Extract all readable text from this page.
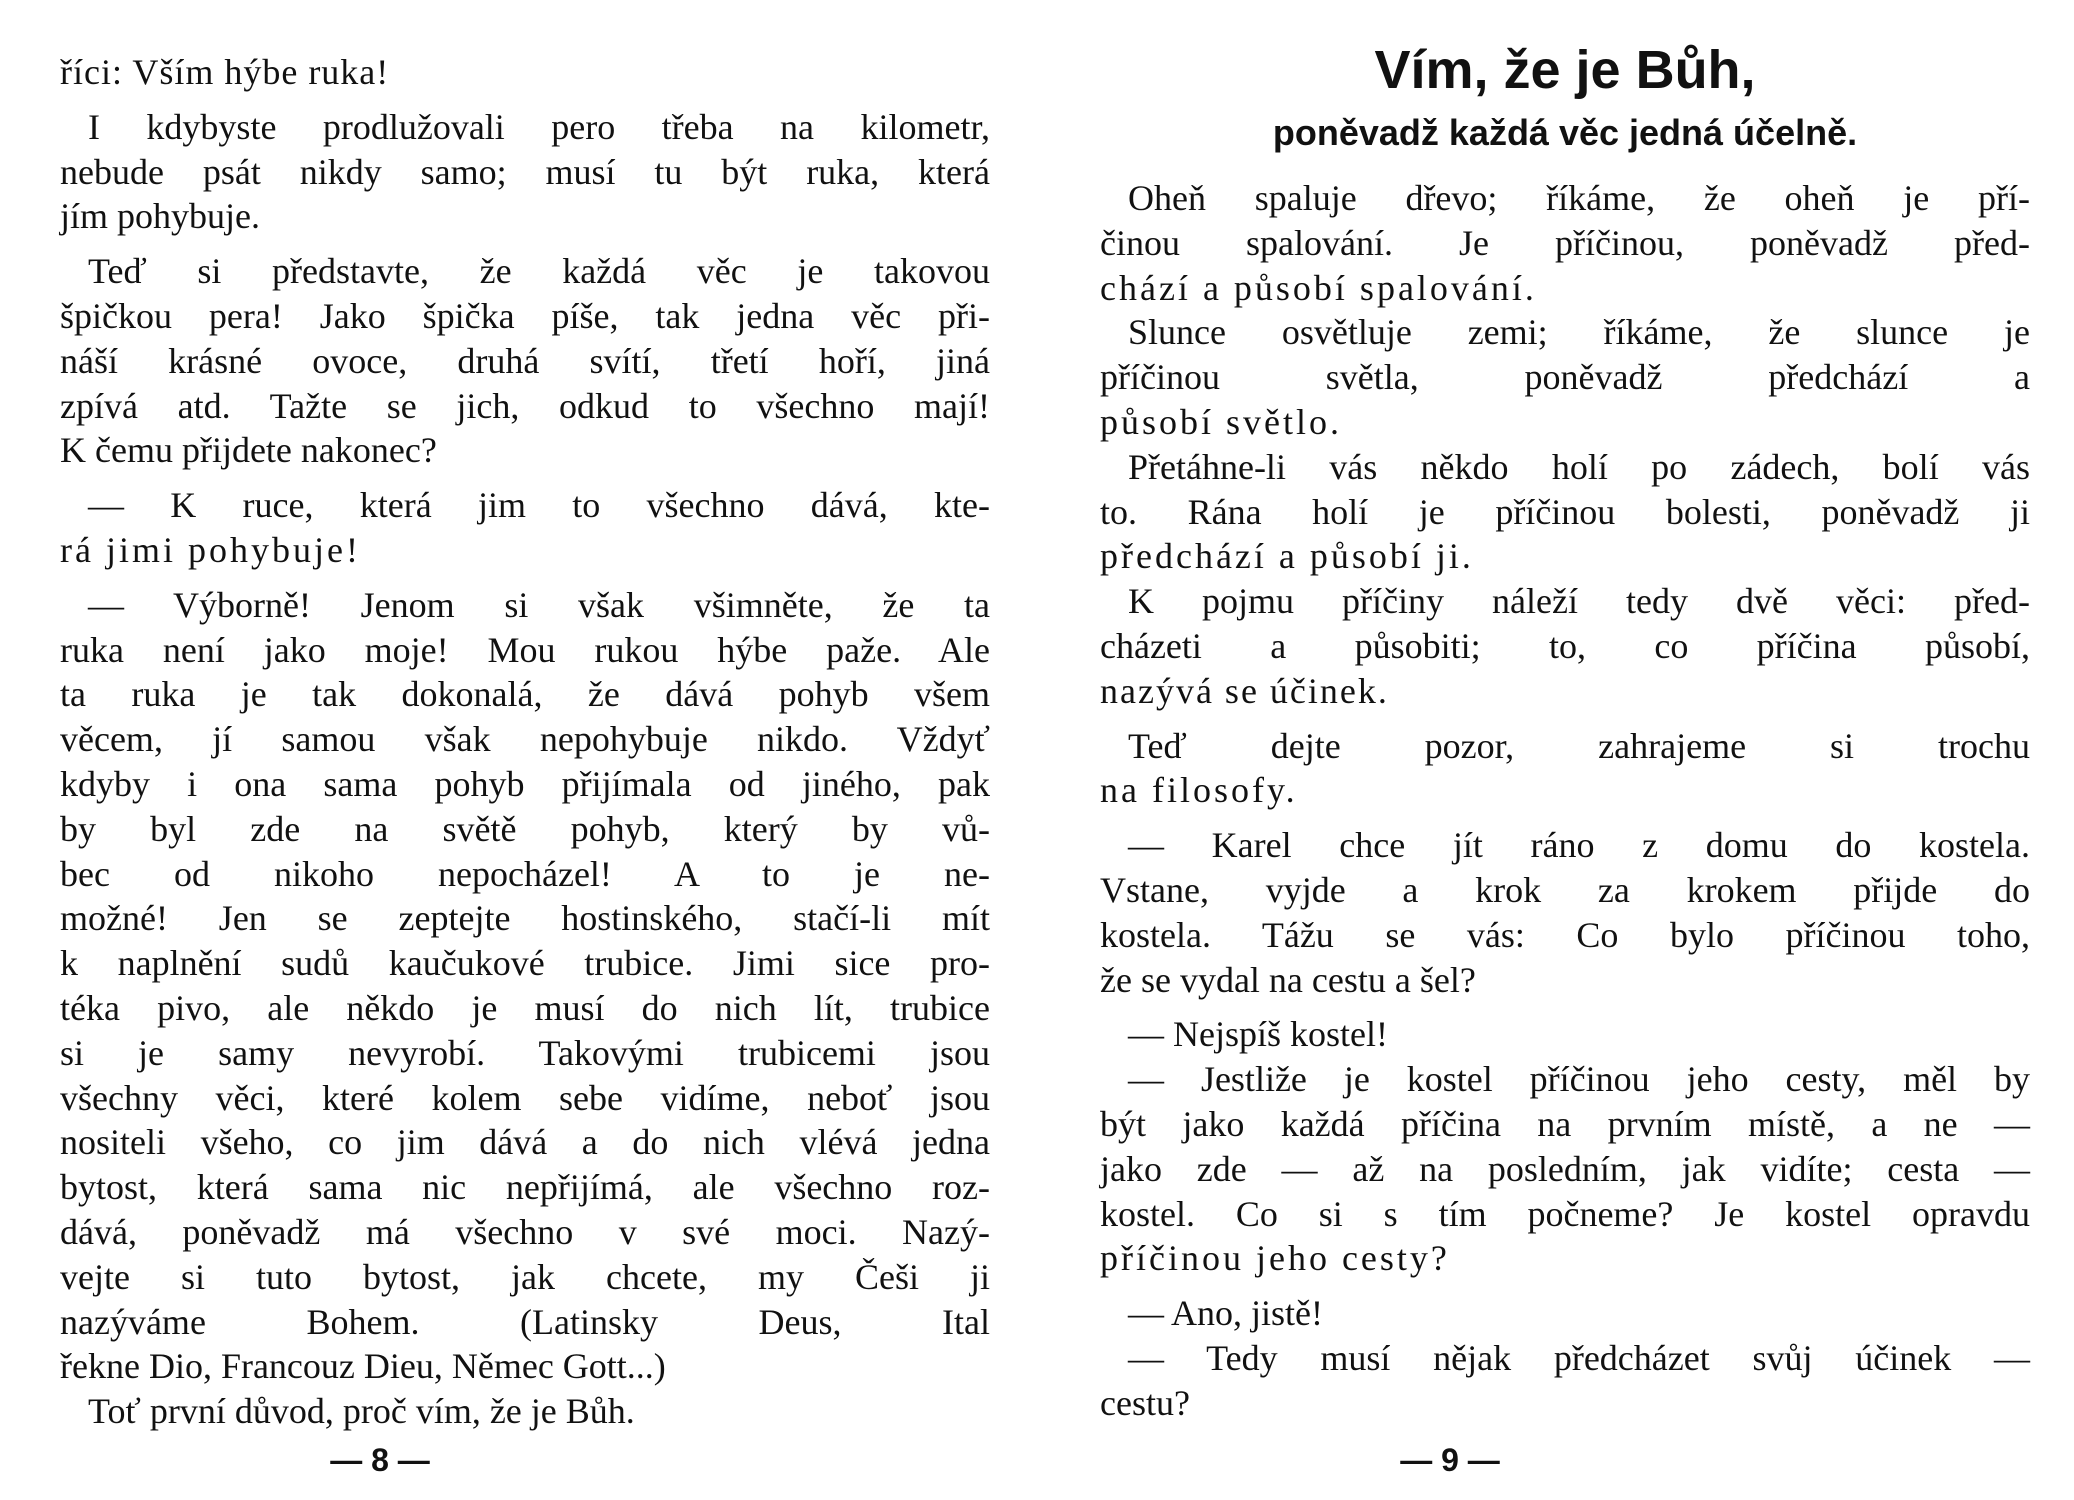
říci: Vším hýbe ruka!
I kdybyste prodlužovali pero třeba na kilometr,
nebude psát nikdy samo; musí tu být ruka, která
jím pohybuje.
Teď si představte, že každá věc je takovou
špičkou pera! Jako špička píše, tak jedna věc při-
náší krásné ovoce, druhá svítí, třetí hoří, jiná
zpívá atd. Tažte se jich, odkud to všechno mají!
K čemu přijdete nakonec?
— K ruce, která jim to všechno dává, kte-
rá jimi pohybuje!
— Výborně! Jenom si však všimněte, že ta
ruka není jako moje! Mou rukou hýbe paže. Ale
ta ruka je tak dokonalá, že dává pohyb všem
věcem, jí samou však nepohybuje nikdo. Vždyť
kdyby i ona sama pohyb přijímala od jiného, pak
by byl zde na světě pohyb, který by vů-
bec od nikoho nepocházel! A to je ne-
možné! Jen se zeptejte hostinského, stačí-li mít
k naplnění sudů kaučukové trubice. Jimi sice pro-
téka pivo, ale někdo je musí do nich lít, trubice
si je samy nevyrobí. Takovými trubicemi jsou
všechny věci, které kolem sebe vidíme, neboť jsou
nositeli všeho, co jim dává a do nich vlévá jedna
bytost, která sama nic nepřijímá, ale všechno roz-
dává, poněvadž má všechno v své moci. Nazý-
vejte si tuto bytost, jak chcete, my Češi ji
nazýváme Bohem. (Latinsky Deus, Ital
řekne Dio, Francouz Dieu, Němec Gott...)
Toť první důvod, proč vím, že je Bůh.
— 8 —
Vím, že je Bůh,
poněvadž každá věc jedná účelně.
Oheň spaluje dřevo; říkáme, že oheň je pří-
činou spalování. Je příčinou, poněvadž před-
chází a působí spalování.
Slunce osvětluje zemi; říkáme, že slunce je
příčinou světla, poněvadž předchází a
působí světlo.
Přetáhne-li vás někdo holí po zádech, bolí vás
to. Rána holí je příčinou bolesti, poněvadž ji
předchází a působí ji.
K pojmu příčiny náleží tedy dvě věci: před-
cházeti a působiti; to, co příčina působí,
nazývá se účinek.
Teď dejte pozor, zahrajeme si trochu
na filosofy.
— Karel chce jít ráno z domu do kostela.
Vstane, vyjde a krok za krokem přijde do
kostela. Tážu se vás: Co bylo příčinou toho,
že se vydal na cestu a šel?
— Nejspíš kostel!
— Jestliže je kostel příčinou jeho cesty, měl by
být jako každá příčina na prvním místě, a ne —
jako zde — až na posledním, jak vidíte; cesta —
kostel. Co si s tím počneme? Je kostel opravdu
příčinou jeho cesty?
— Ano, jistě!
— Tedy musí nějak předcházet svůj účinek —
cestu?
— 9 —
